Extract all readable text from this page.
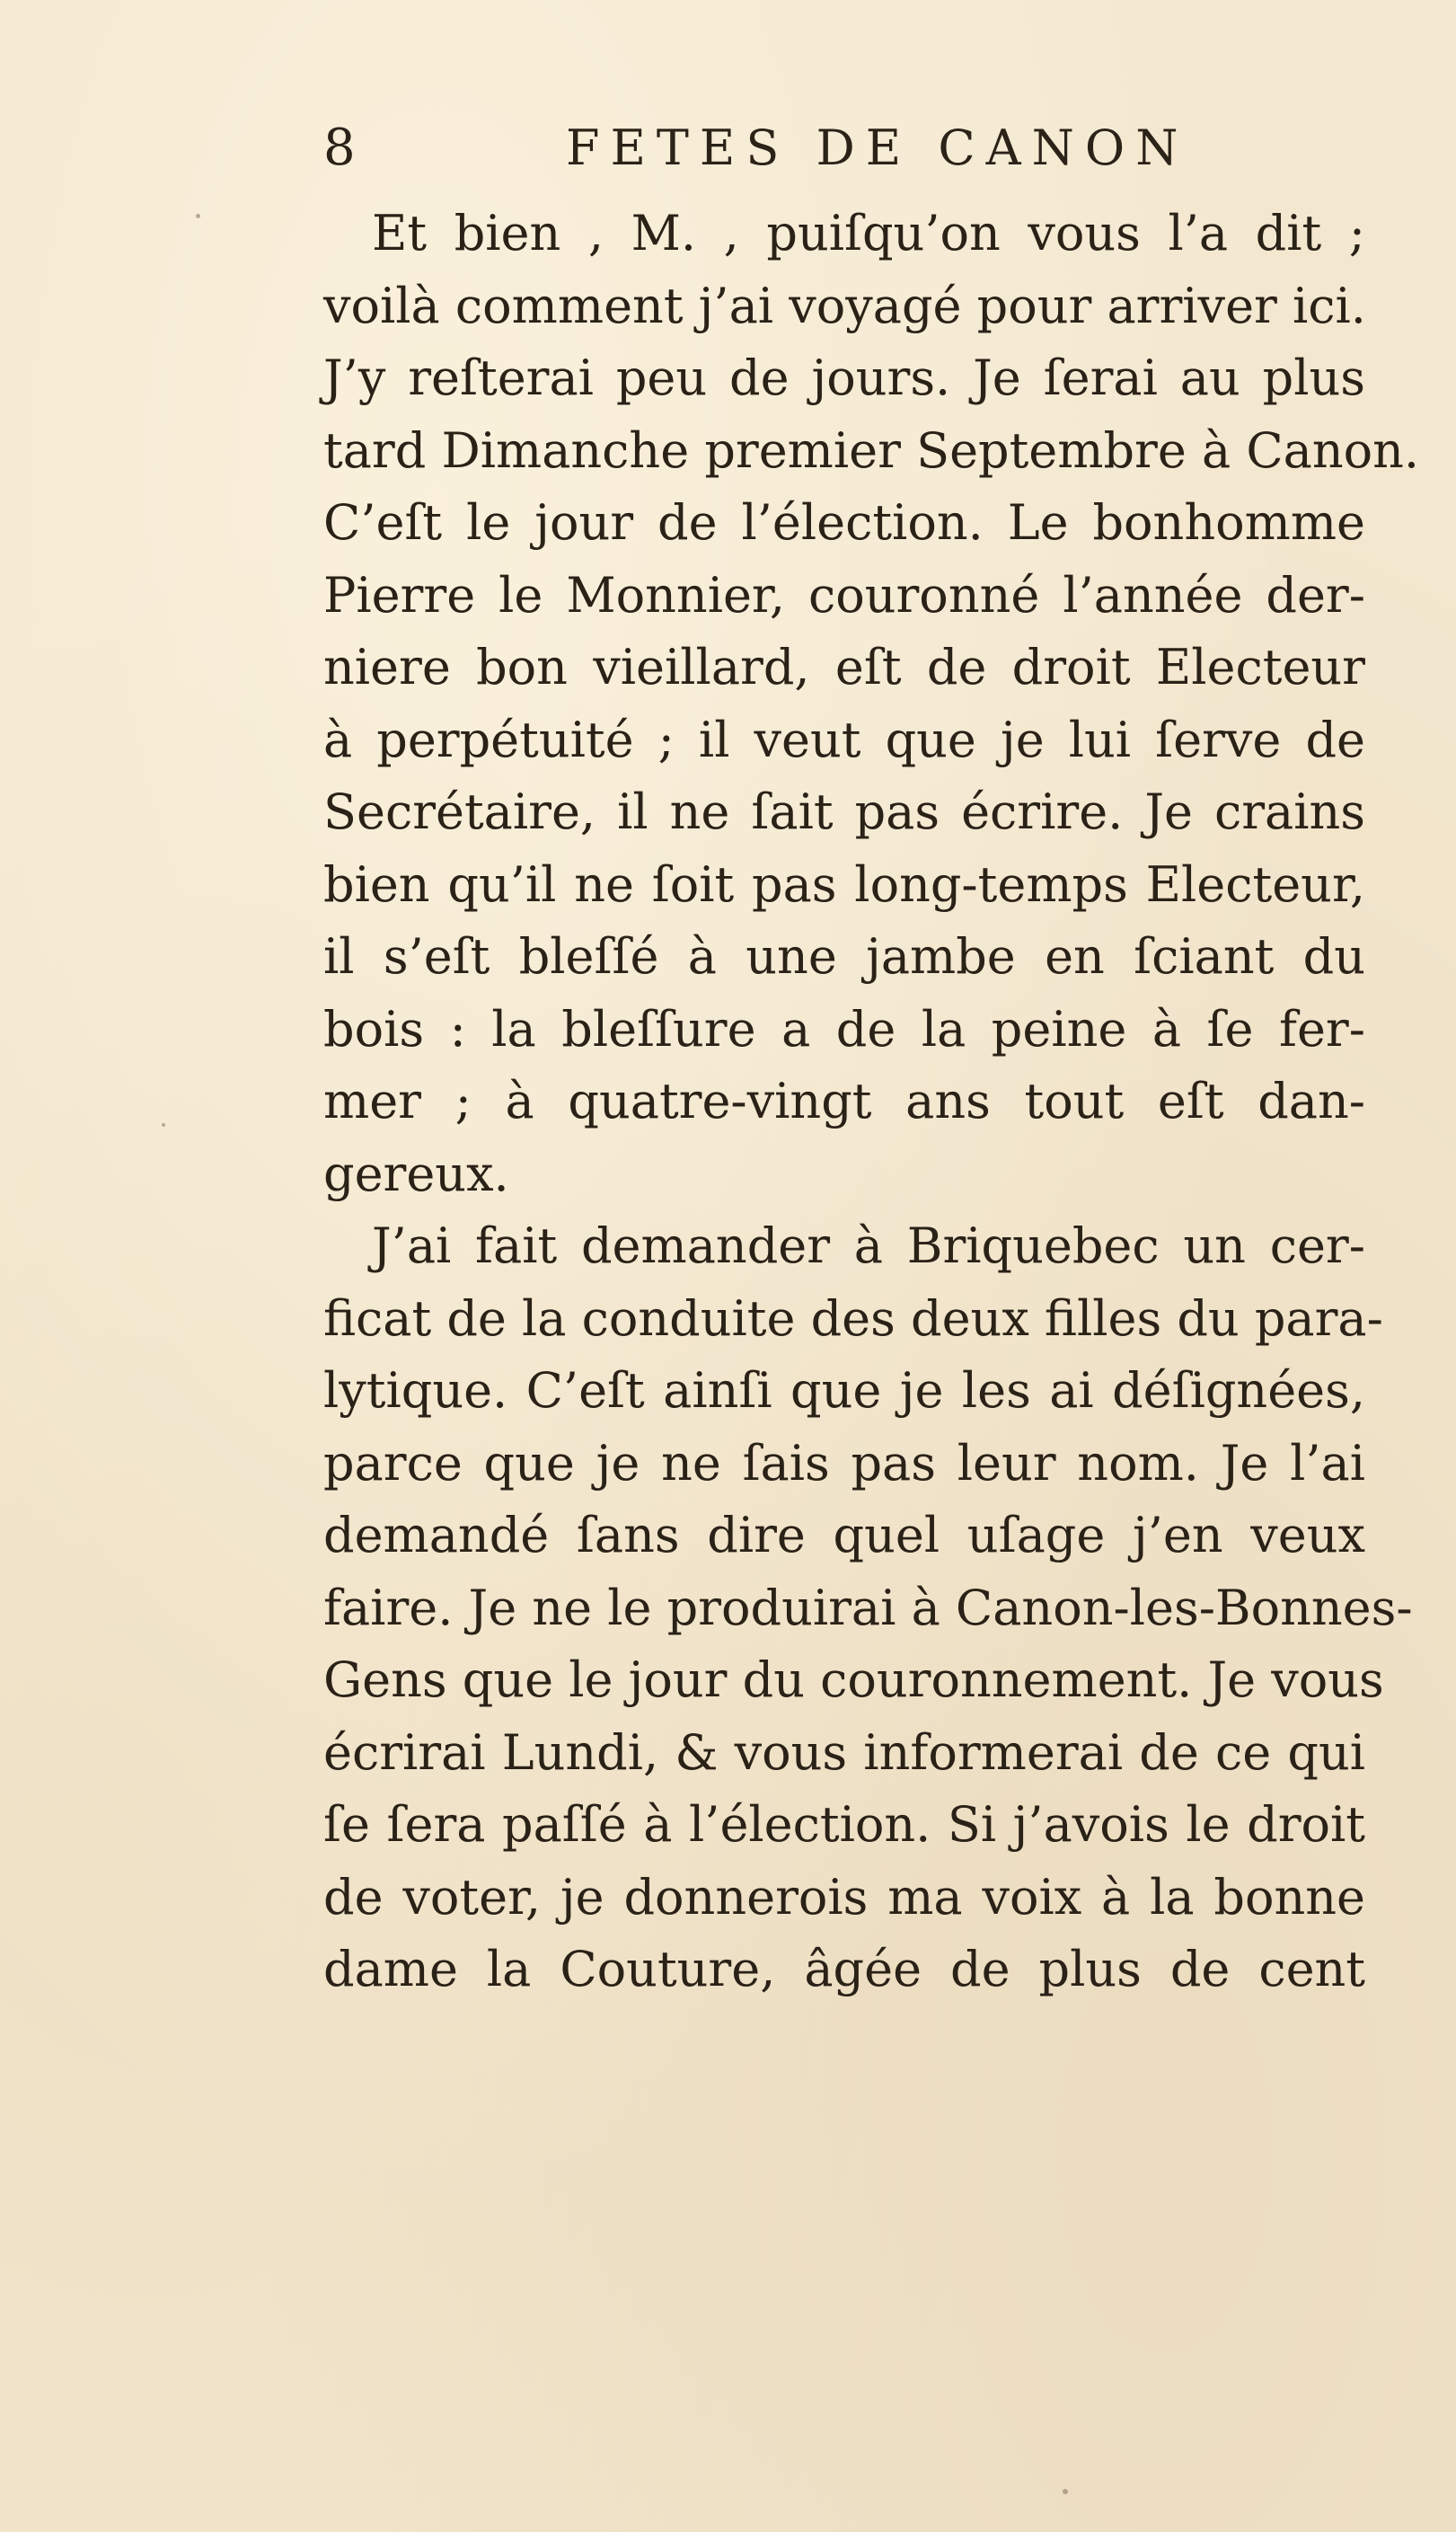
8	FETES DE CANON
Et bien , M. , puiſqu’on vous l’a dit ;
voilà comment j’ai voyagé pour arriver ici.
J’y reſterai peu de jours. Je ſerai au plus
tard Dimanche premier Septembre à Canon.
C’eſt le jour de l’élection. Le bonhomme
Pierre le Monnier, couronné l’année der-
niere bon vieillard, eſt de droit Electeur
à perpétuité ; il veut que je lui ſerve de
Secrétaire, il ne ſait pas écrire. Je crains
bien qu’il ne ſoit pas long-temps Electeur,
il s’eſt bleſſé à une jambe en ſciant du
bois : la bleſſure a de la peine à ſe fer-
mer ; à quatre-vingt ans tout eſt dan-
gereux.
J’ai fait demander à Briquebec un cer-
ficat de la conduite des deux filles du para-
lytique. C’eſt ainſi que je les ai déſignées,
parce que je ne ſais pas leur nom. Je l’ai
demandé ſans dire quel uſage j’en veux
faire. Je ne le produirai à Canon-les-Bonnes-
Gens que le jour du couronnement. Je vous
écrirai Lundi, & vous informerai de ce qui
ſe ſera paſſé à l’élection. Si j’avois le droit
de voter, je donnerois ma voix à la bonne
dame la Couture, âgée de plus de cent
